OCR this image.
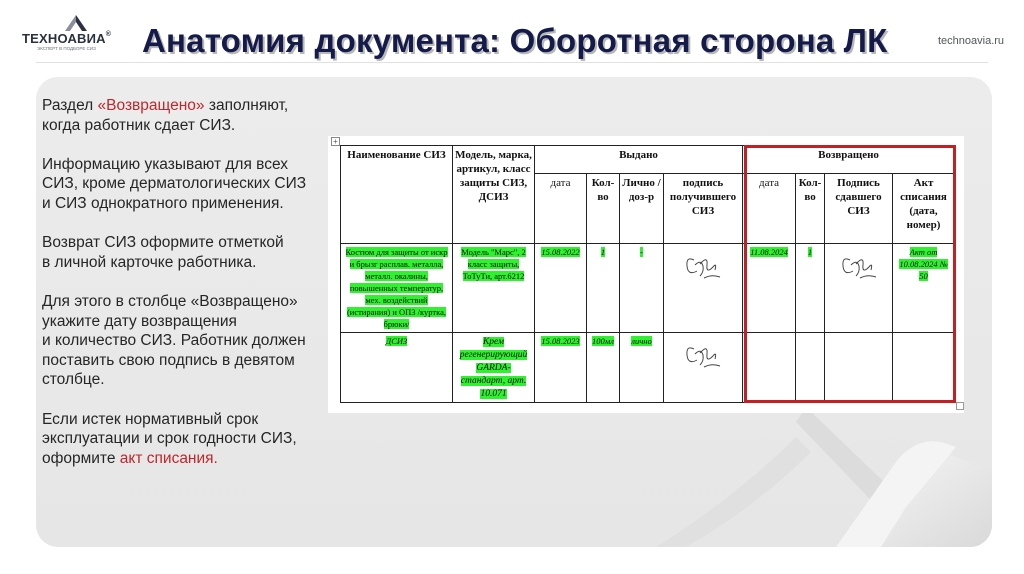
ТЕХНОАВИА®
ЭКСПЕРТ В ПОДБОРЕ СИЗ
technoavia.ru
Анатомия документа: Оборотная сторона ЛК
Раздел «Возвращено» заполняют,
когда работник сдает СИЗ.
Информацию указывают для всех
СИЗ, кроме дерматологических СИЗ
и СИЗ однократного применения.
Возврат СИЗ оформите отметкой
в личной карточке работника.
Для этого в столбце «Возвращено»
укажите дату возвращения
и количество СИЗ. Работник должен
поставить свою подпись в девятом
столбце.
Если истек нормативный срок
эксплуатации и срок годности СИЗ,
оформите акт списания.
+
Наименование СИЗ	Модель, марка, артикул, класс защиты СИЗ, ДСИЗ	Выдано				Возвращено			
		дата	Кол-во	Лично /доз-р	подпись получившего СИЗ	дата	Кол-во	Подпись сдавшего СИЗ	Акт списания (дата, номер)
Костюм для защиты от искр и брызг расплав. металла, металл. окалины, повышенных температур, мех. воздействий (истирания) и ОПЗ /куртка, брюки/	Модель "Марс", 2 класс защиты, ТоТуТи, арт.6212	15.08.2022	1	-		11.08.2024	1		Акт от 10.08.2024 № 50
ДСИЗ	Крем регенерирующий GARDA- стандарт, арт. 10.071	15.08.2023	100мл	лично	
